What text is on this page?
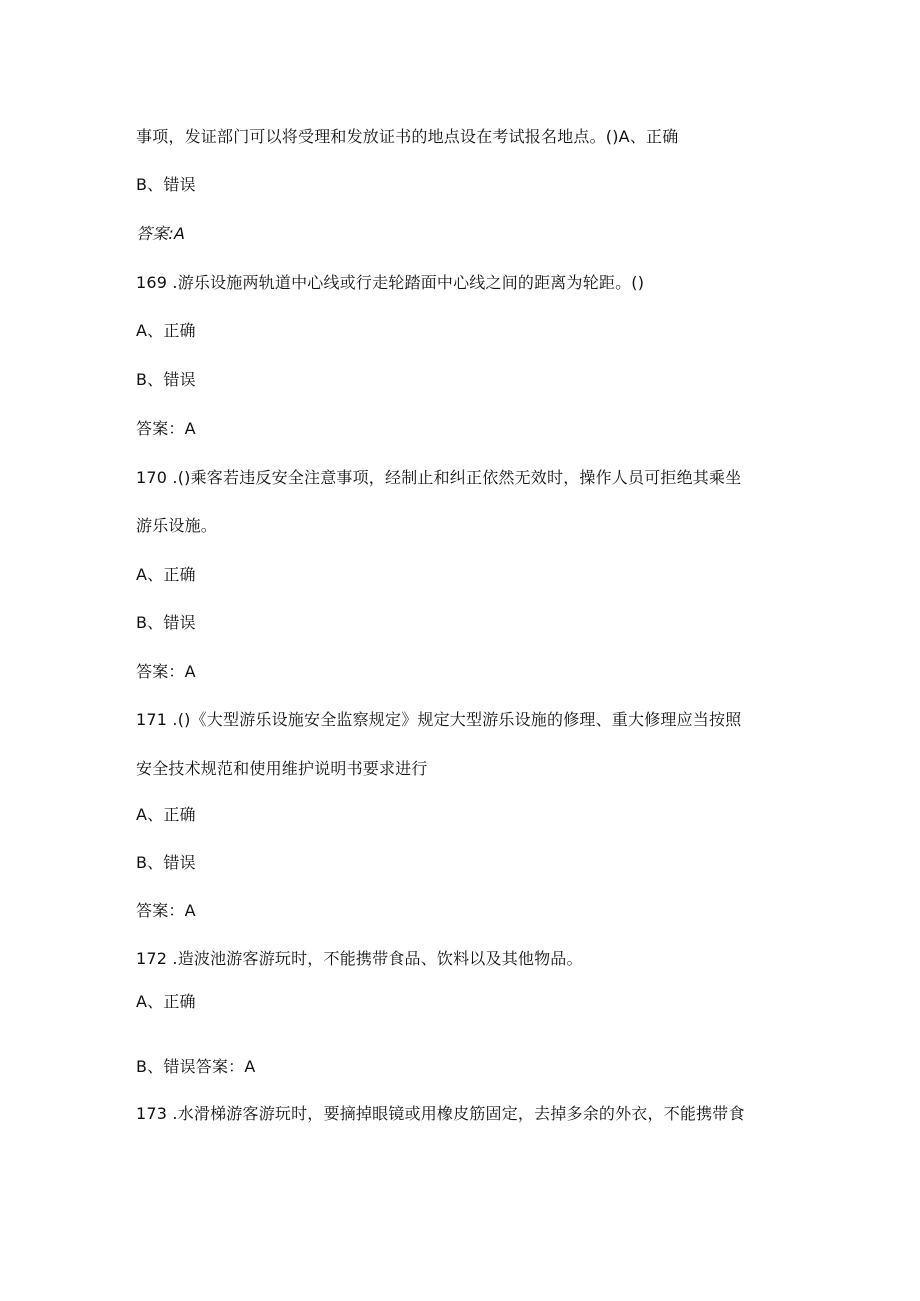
事项，发证部门可以将受理和发放证书的地点设在考试报名地点。()A、正确
B、错误
答案:A
169 .游乐设施两轨道中心线或行走轮踏面中心线之间的距离为轮距。()
A、正确
B、错误
答案：A
170 .()乘客若违反安全注意事项，经制止和纠正依然无效时，操作人员可拒绝其乘坐
游乐设施。
A、正确
B、错误
答案：A
171 .()《大型游乐设施安全监察规定》规定大型游乐设施的修理、重大修理应当按照
安全技术规范和使用维护说明书要求进行
A、正确
B、错误
答案：A
172 .造波池游客游玩时，不能携带食品、饮料以及其他物品。
A、正确
B、错误答案：A
173 .水滑梯游客游玩时，要摘掉眼镜或用橡皮筋固定，去掉多余的外衣，不能携带食
